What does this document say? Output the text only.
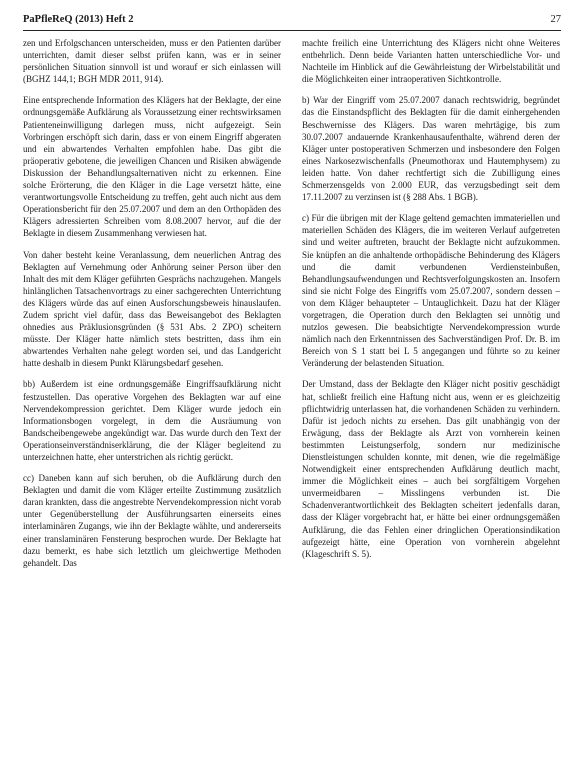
PaPfleReQ (2013) Heft 2	27

zen und Erfolgschancen unterscheiden, muss er den Patienten darüber unterrichten, damit dieser selbst prüfen kann, was er in seiner persönlichen Situation sinnvoll ist und worauf er sich einlassen will (BGHZ 144,1; BGH MDR 2011, 914).

Eine entsprechende Information des Klägers hat der Beklagte, der eine ordnungsgemäße Aufklärung als Voraussetzung einer rechtswirksamen Patienteneinwilligung darlegen muss, nicht aufgezeigt. Sein Vorbringen erschöpft sich darin, dass er von einem Eingriff abgeraten und ein abwartendes Verhalten empfohlen habe. Das gibt die präoperativ gebotene, die jeweiligen Chancen und Risiken abwägende Diskussion der Behandlungsalternativen nicht zu erkennen. Eine solche Erörterung, die den Kläger in die Lage versetzt hätte, eine verantwortungsvolle Entscheidung zu treffen, geht auch nicht aus dem Operationsbericht für den 25.07.2007 und dem an den Orthopäden des Klägers adressierten Schreiben vom 8.08.2007 hervor, auf die der Beklagte in diesem Zusammenhang verwiesen hat.

Von daher besteht keine Veranlassung, dem neuerlichen Antrag des Beklagten auf Vernehmung oder Anhörung seiner Person über den Inhalt des mit dem Kläger geführten Gesprächs nachzugehen. Mangels hinlänglichen Tatsachenvortrags zu einer sachgerechten Unterrichtung des Klägers würde das auf einen Ausforschungsbeweis hinauslaufen. Zudem spricht viel dafür, dass das Beweisangebot des Beklagten ohnedies aus Präklusionsgründen (§ 531 Abs. 2 ZPO) scheitern müsste. Der Kläger hatte nämlich stets bestritten, dass ihm ein abwartendes Verhalten nahe gelegt worden sei, und das Landgericht hatte deshalb in diesem Punkt Klärungsbedarf gesehen.

bb) Außerdem ist eine ordnungsgemäße Eingriffsaufklärung nicht festzustellen. Das operative Vorgehen des Beklagten war auf eine Nervendekompression gerichtet. Dem Kläger wurde jedoch ein Informationsbogen vorgelegt, in dem die Ausräumung von Bandscheibengewebe angekündigt war. Das wurde durch den Text der Operationseinverständniserklärung, die der Kläger begleitend zu unterzeichnen hatte, eher unterstrichen als richtig gerückt.

cc) Daneben kann auf sich beruhen, ob die Aufklärung durch den Beklagten und damit die vom Kläger erteilte Zustimmung zusätzlich daran krankten, dass die angestrebte Nervendekompression nicht vorab unter Gegenüberstellung der Ausführungsarten einerseits eines interlaminären Zugangs, wie ihn der Beklagte wählte, und andererseits einer translaminären Fensterung besprochen wurde. Der Beklagte hat dazu bemerkt, es habe sich letztlich um gleichwertige Methoden gehandelt. Das

machte freilich eine Unterrichtung des Klägers nicht ohne Weiteres entbehrlich. Denn beide Varianten hatten unterschiedliche Vor- und Nachteile im Hinblick auf die Gewährleistung der Wirbelstabilität und die Möglichkeiten einer intraoperativen Sichtkontrolle.

b) War der Eingriff vom 25.07.2007 danach rechtswidrig, begründet das die Einstandspflicht des Beklagten für die damit einhergehenden Beschwernisse des Klägers. Das waren mehrtägige, bis zum 30.07.2007 andauernde Krankenhausaufenthalte, während deren der Kläger unter postoperativen Schmerzen und insbesondere den Folgen eines Narkosezwischenfalls (Pneumothorax und Hautemphysem) zu leiden hatte. Von daher rechtfertigt sich die Zubilligung eines Schmerzensgelds von 2.000 EUR, das verzugsbedingt seit dem 17.11.2007 zu verzinsen ist (§ 288 Abs. 1 BGB).

c) Für die übrigen mit der Klage geltend gemachten immateriellen und materiellen Schäden des Klägers, die im weiteren Verlauf aufgetreten sind und weiter auftreten, braucht der Beklagte nicht aufzukommen. Sie knüpfen an die anhaltende orthopädische Behinderung des Klägers und die damit verbundenen Verdiensteinbußen, Behandlungsaufwendungen und Rechtsverfolgungskosten an. Insofern sind sie nicht Folge des Eingriffs vom 25.07.2007, sondern dessen – von dem Kläger behaupteter – Untauglichkeit. Dazu hat der Kläger vorgetragen, die Operation durch den Beklagten sei unnötig und nutzlos gewesen. Die beabsichtigte Nervendekompression wurde nämlich nach den Erkenntnissen des Sachverständigen Prof. Dr. B. im Bereich von S 1 statt bei L 5 angegangen und führte so zu keiner Veränderung der belastenden Situation.

Der Umstand, dass der Beklagte den Kläger nicht positiv geschädigt hat, schließt freilich eine Haftung nicht aus, wenn er es gleichzeitig pflichtwidrig unterlassen hat, die vorhandenen Schäden zu verhindern. Dafür ist jedoch nichts zu ersehen. Das gilt unabhängig von der Erwägung, dass der Beklagte als Arzt von vornherein keinen bestimmten Leistungserfolg, sondern nur medizinische Dienstleistungen schulden konnte, mit denen, wie die regelmäßige Notwendigkeit einer entsprechenden Aufklärung deutlich macht, immer die Möglichkeit eines – auch bei sorgfältigem Vorgehen unvermeidbaren – Misslingens verbunden ist. Die Schadenverantwortlichkeit des Beklagten scheitert jedenfalls daran, dass der Kläger vorgebracht hat, er hätte bei einer ordnungsgemäßen Aufklärung, die das Fehlen einer dringlichen Operationsindikation aufgezeigt hätte, eine Operation von vornherein abgelehnt (Klageschrift S. 5).
